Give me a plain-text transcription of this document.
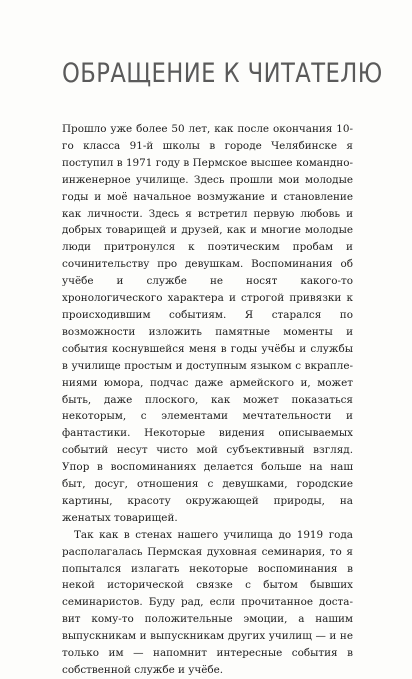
ОБРАЩЕНИЕ К ЧИТАТЕЛЮ

Прошло уже более 50 лет, как после окончания 10-го класса 91-й школы в городе Челябинске я поступил в 1971 году в Пермское высшее командно-инженерное училище. Здесь прошли мои молодые годы и моё начальное возмужание и становление как личности. Здесь я встретил первую любовь и добрых товарищей и друзей, как и многие молодые люди притронулся к поэтическим пробам и сочинительству про девушкам. Воспоминания об учёбе и службе не носят какого-то хронологического характера и строгой привязки к происходившим событиям. Я старался по возможности изложить памятные моменты и события коснувшейся меня в годы учёбы и службы в училище простым и доступным языком с вкраплениями юмора, подчас даже армейского и, может быть, даже плоского, как может показаться некоторым, с элементами мечтательности и фантастики. Некоторые видения описываемых событий несут чисто мой субъективный взгляд. Упор в воспоминаниях делается больше на наш быт, досуг, отношения с девушками, городские картины, красоту окружающей природы, на женатых товарищей.

Так как в стенах нашего училища до 1919 года располагалась Пермская духовная семинария, то я попытался излагать некоторые воспоминания в некой исторической связке с бытом бывших семинаристов. Буду рад, если прочитанное доставит кому-то положительные эмоции, а нашим выпускникам и выпускникам других училищ — и не только им — напомнит интересные события в собственной службе и учёбе.
